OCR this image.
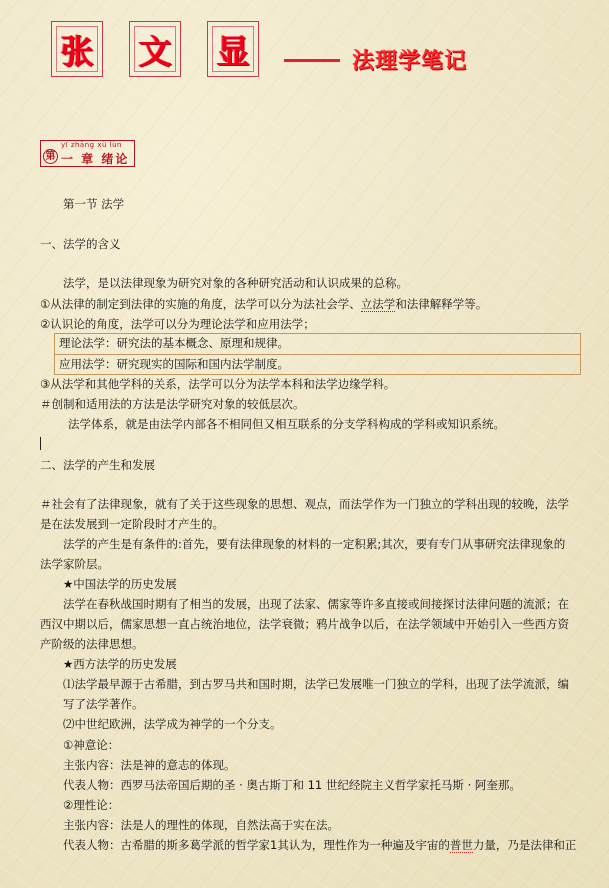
张 文 显	法理学笔记
yī zhāng xù lùn
第 一 章 绪论
第一节 法学
一、法学的含义
法学，是以法律现象为研究对象的各种研究活动和认识成果的总称。
①从法律的制定到法律的实施的角度，法学可以分为法社会学、立法学和法律解释学等。
②认识论的角度，法学可以分为理论法学和应用法学；
理论法学：研究法的基本概念、原理和规律。
应用法学：研究现实的国际和国内法学制度。
③从法学和其他学科的关系，法学可以分为法学本科和法学边缘学科。
＃创制和适用法的方法是法学研究对象的较低层次。
法学体系，就是由法学内部各不相同但又相互联系的分支学科构成的学科或知识系统。
二、法学的产生和发展
＃社会有了法律现象，就有了关于这些现象的思想、观点，而法学作为一门独立的学科出现的较晚，法学
是在法发展到一定阶段时才产生的。
法学的产生是有条件的:首先，要有法律现象的材料的一定积累;其次，要有专门从事研究法律现象的
法学家阶层。
★中国法学的历史发展
法学在春秋战国时期有了相当的发展，出现了法家、儒家等许多直接或间接探讨法律问题的流派；在
西汉中期以后，儒家思想一直占统治地位，法学衰微；鸦片战争以后，在法学领域中开始引入一些西方资
产阶级的法律思想。
★西方法学的历史发展
⑴法学最早源于古希腊，到古罗马共和国时期，法学已发展唯一门独立的学科，出现了法学流派，编
写了法学著作。
⑵中世纪欧洲，法学成为神学的一个分支。
①神意论：
主张内容：法是神的意志的体现。
代表人物：西罗马法帝国后期的圣 · 奥古斯丁和 11 世纪经院主义哲学家托马斯 · 阿奎那。
②理性论：
主张内容：法是人的理性的体现，自然法高于实在法。
代表人物：古希腊的斯多葛学派的哲学家1其认为，理性作为一种遍及宇宙的普世力量，乃是法律和正
